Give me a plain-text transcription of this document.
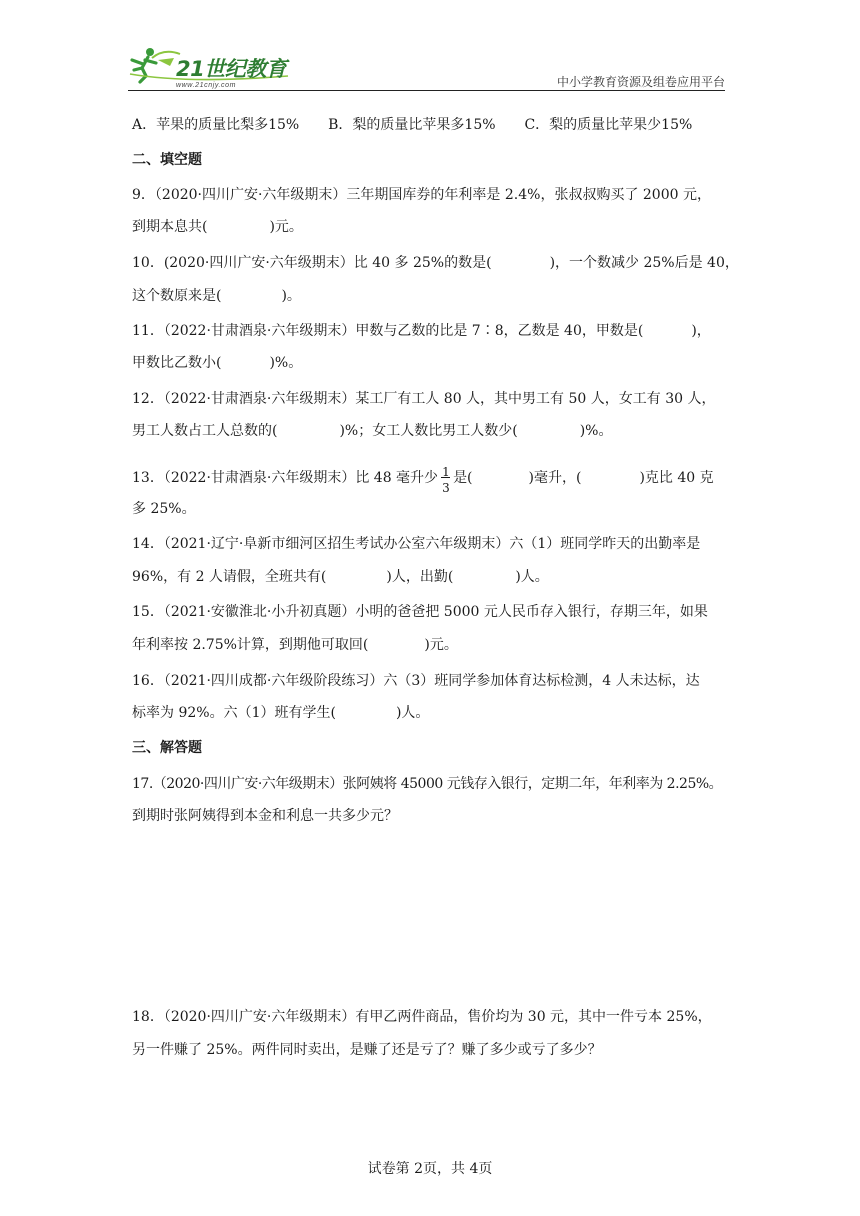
21世纪教育
www.21cnjy.com	中小学教育资源及组卷应用平台
A．苹果的质量比梨多15% B．梨的质量比苹果多15% C．梨的质量比苹果少15%
二、填空题
9．（2020·四川广安·六年级期末）三年期国库券的年利率是 2.4%，张叔叔购买了 2000 元，
到期本息共(	)元。
10．(2020·四川广安·六年级期末）比 40 多 25%的数是(	)，一个数减少 25%后是 40，
这个数原来是(	)。
11．（2022·甘肃酒泉·六年级期末）甲数与乙数的比是 7∶8，乙数是 40，甲数是(	)，
甲数比乙数小(	)%。
12．（2022·甘肃酒泉·六年级期末）某工厂有工人 80 人，其中男工有 50 人，女工有 30 人，
男工人数占工人总数的(	)%；女工人数比男工人数少(	)%。
13．（2022·甘肃酒泉·六年级期末）比 48 毫升少 $\frac{1}{3}$ 是(	)毫升，(	)克比 40 克
多 25%。
14．（2021·辽宁·阜新市细河区招生考试办公室六年级期末）六（1）班同学昨天的出勤率是
96%，有 2 人请假，全班共有(	)人，出勤(	)人。
15．（2021·安徽淮北·小升初真题）小明的爸爸把 5000 元人民币存入银行，存期三年，如果
年利率按 2.75%计算，到期他可取回(	)元。
16．（2021·四川成都·六年级阶段练习）六（3）班同学参加体育达标检测，4 人未达标，达
标率为 92%。六（1）班有学生(	)人。
三、解答题
17.（2020·四川广安·六年级期末）张阿姨将 45000 元钱存入银行，定期二年，年利率为 2.25%。
到期时张阿姨得到本金和利息一共多少元？
18．（2020·四川广安·六年级期末）有甲乙两件商品，售价均为 30 元，其中一件亏本 25%，
另一件赚了 25%。两件同时卖出，是赚了还是亏了？赚了多少或亏了多少？
试卷第 2页，共 4页
